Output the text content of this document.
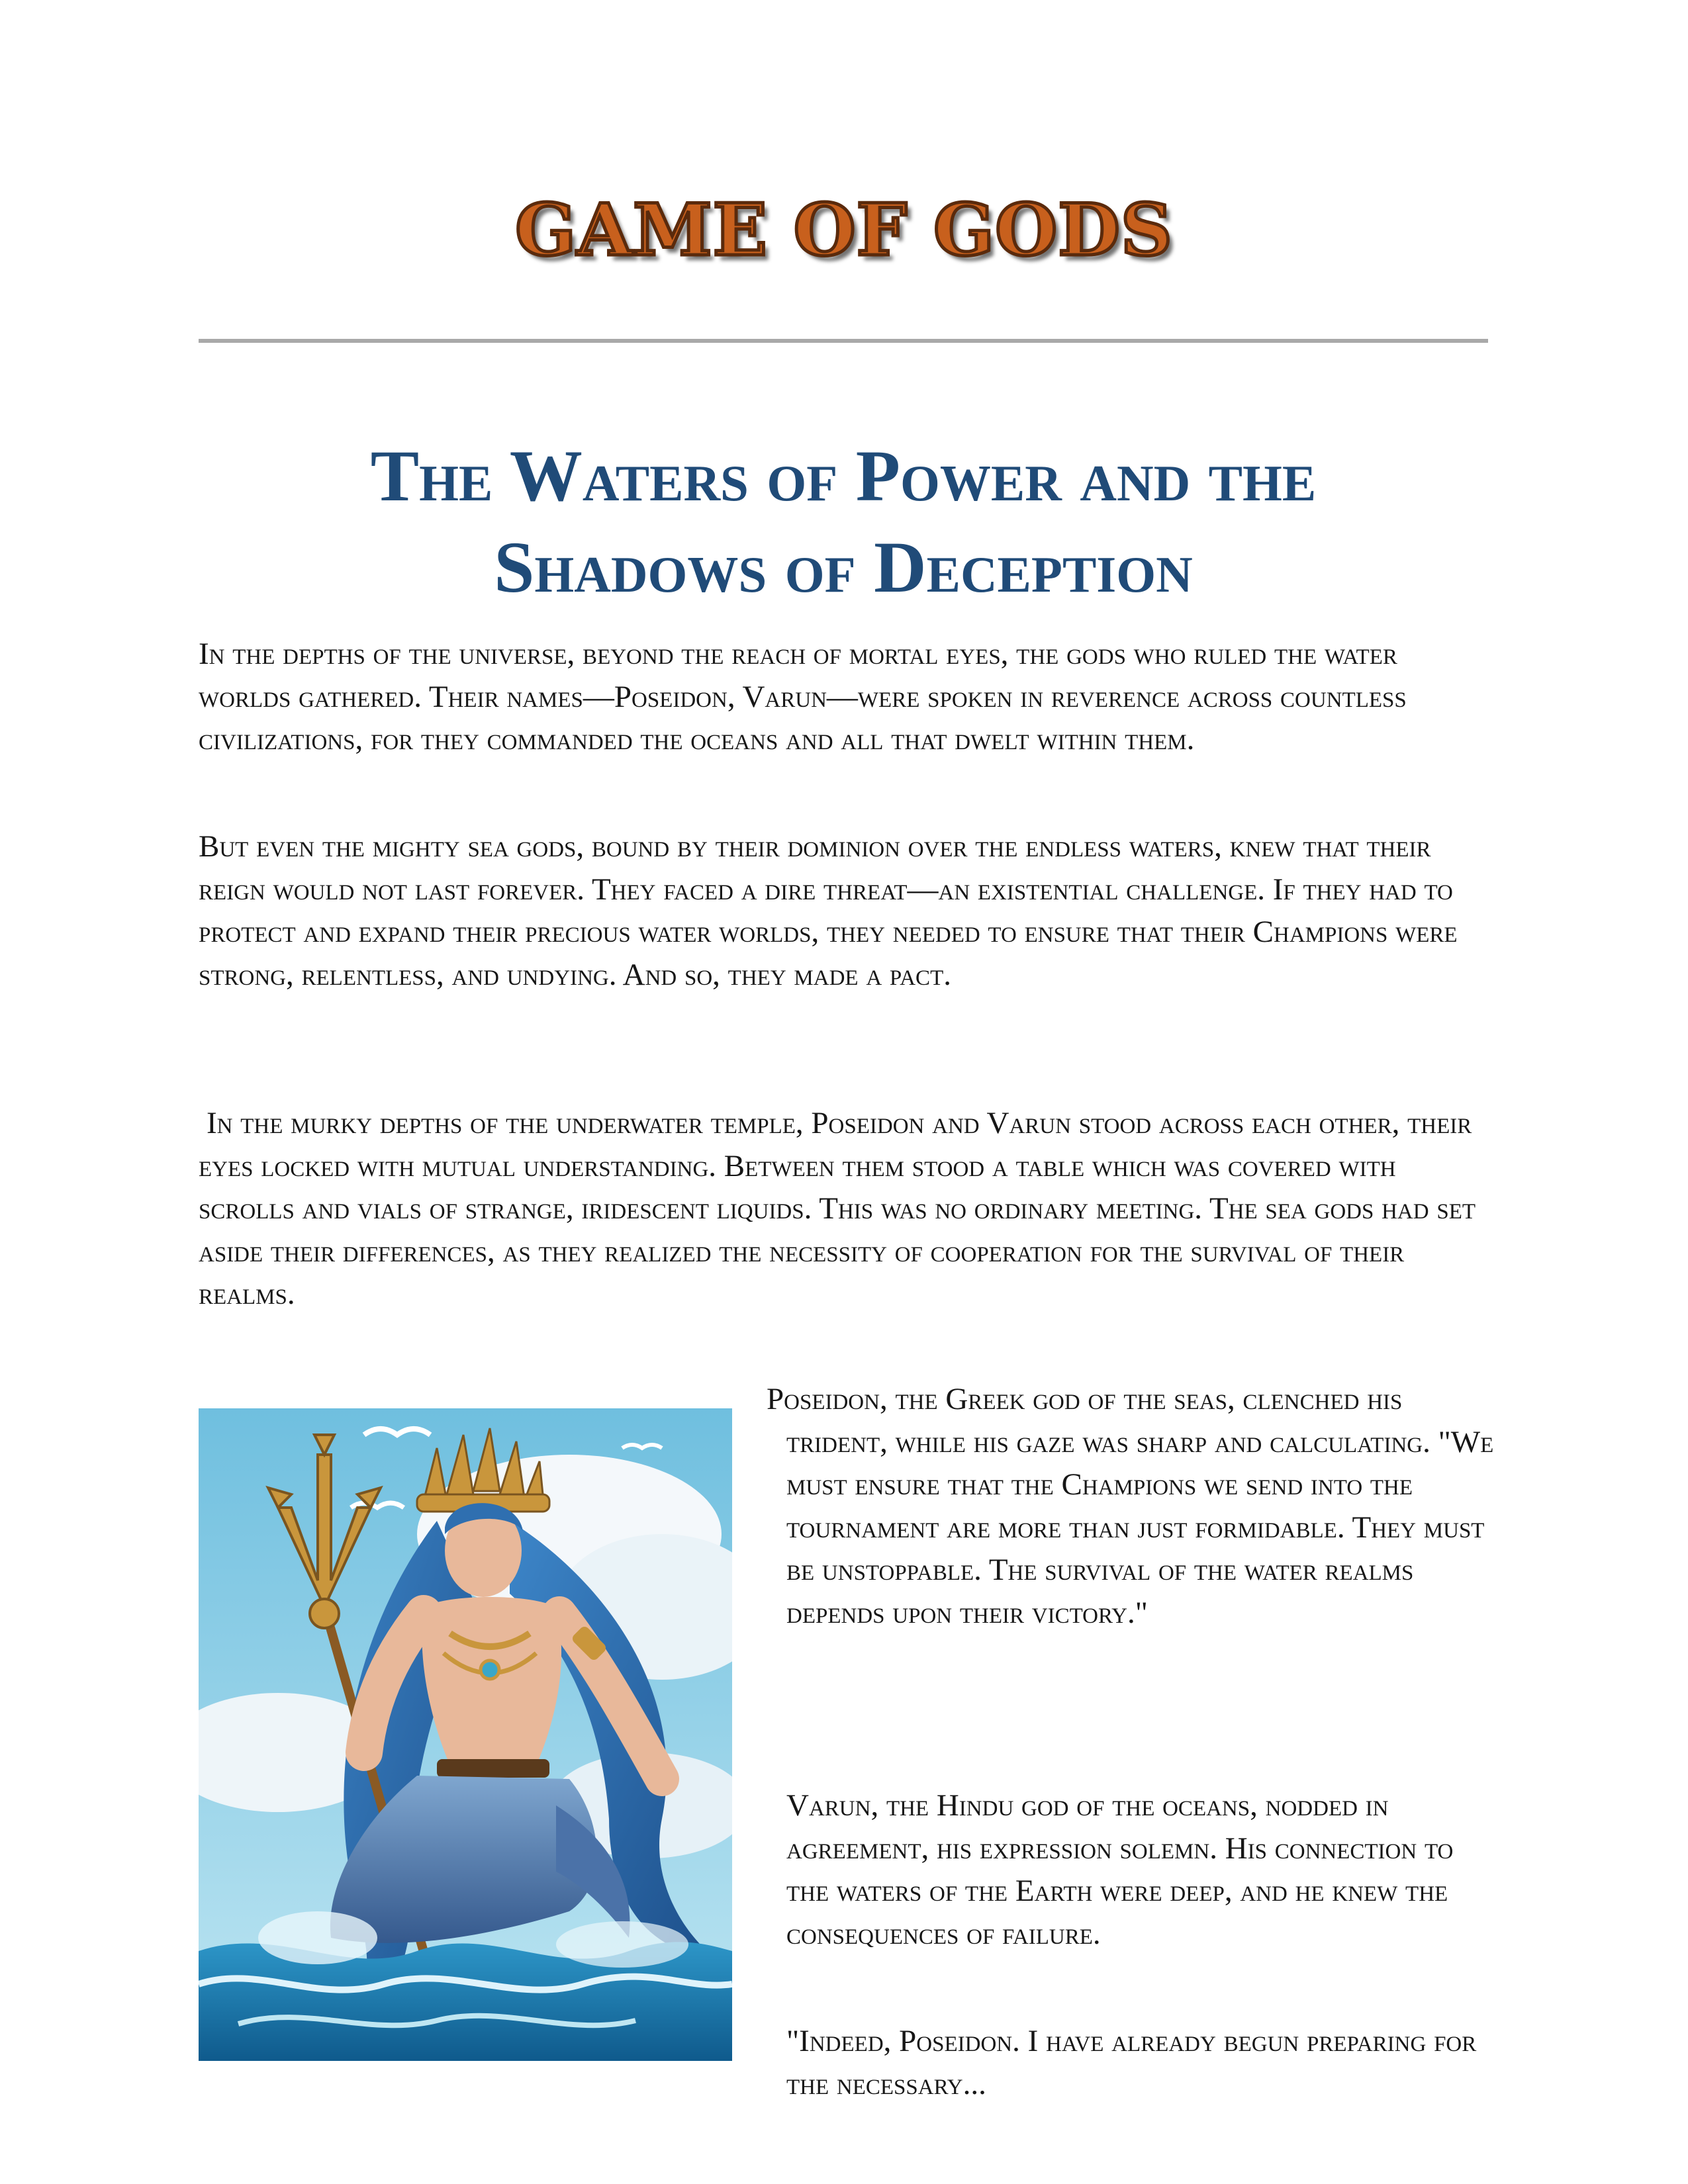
GAME OF GODS
The Waters of Power and the
Shadows of Deception

In the depths of the universe, beyond the reach of mortal eyes, the gods who ruled the water worlds gathered. Their names—Poseidon, Varun—were spoken in reverence across countless civilizations, for they commanded the oceans and all that dwelt within them.

But even the mighty sea gods, bound by their dominion over the endless waters, knew that their reign would not last forever. They faced a dire threat—an existential challenge. If they had to protect and expand their precious water worlds, they needed to ensure that their Champions were strong, relentless, and undying. And so, they made a pact.

In the murky depths of the underwater temple, Poseidon and Varun stood across each other, their eyes locked with mutual understanding. Between them stood a table which was covered with scrolls and vials of strange, iridescent liquids. This was no ordinary meeting. The sea gods had set aside their differences, as they realized the necessity of cooperation for the survival of their realms.

Poseidon, the Greek god of the seas, clenched his trident, while his gaze was sharp and calculating. "We must ensure that the Champions we send into the tournament are more than just formidable. They must be unstoppable. The survival of the water realms depends upon their victory."

Varun, the Hindu god of the oceans, nodded in agreement, his expression solemn. His connection to the waters of the Earth were deep, and he knew the consequences of failure.

"Indeed, Poseidon. I have already begun preparing for the necessary...
